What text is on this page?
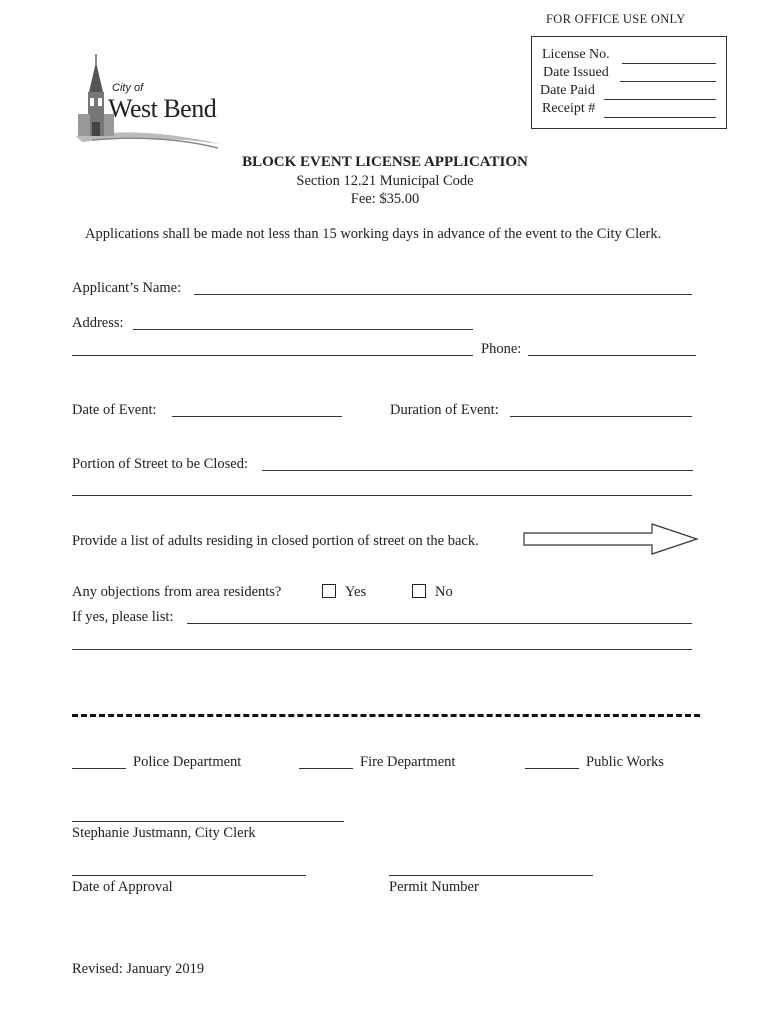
City of
West Bend
FOR OFFICE USE ONLY
License No.
Date Issued
Date Paid
Receipt #
BLOCK EVENT LICENSE APPLICATION
Section 12.21 Municipal Code
Fee: $35.00
Applications shall be made not less than 15 working days in advance of the event to the City Clerk.
Applicant’s Name:
Address:
Phone:
Date of Event:	Duration of Event:
Portion of Street to be Closed:
Provide a list of adults residing in closed portion of street on the back.
Any objections from area residents?	Yes	No
If yes, please list:
Police Department	Fire Department	Public Works
Stephanie Justmann, City Clerk
Date of Approval	Permit Number
Revised: January 2019
